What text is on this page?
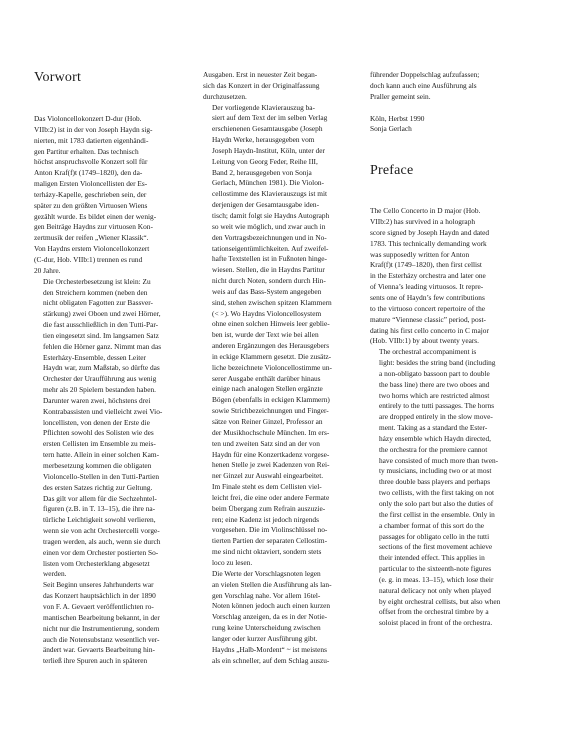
Vorwort

Das Violoncellokonzert D-dur (Hob.
VIIb:2) ist in der von Joseph Haydn sig-
nierten, mit 1783 datierten eigenhändi-
gen Partitur erhalten. Das technisch
höchst anspruchsvolle Konzert soll für
Anton Kraf(f)t (1749–1820), den da-
maligen Ersten Violoncellisten der Es-
terházy-Kapelle, geschrieben sein, der
später zu den größten Virtuosen Wiens
gezählt wurde. Es bildet einen der wenig-
gen Beiträge Haydns zur virtuosen Kon-
zertmusik der reifen „Wiener Klassik“.
Von Haydns erstem Violoncellokonzert
(C-dur, Hob. VIIb:1) trennen es rund
20 Jahre.

Die Orchesterbesetzung ist klein: Zu
den Streichern kommen (neben den
nicht obligaten Fagotten zur Bassver-
stärkung) zwei Oboen und zwei Hörner,
die fast ausschließlich in den Tutti-Par-
tien eingesetzt sind. Im langsamen Satz
fehlen die Hörner ganz. Nimmt man das
Esterházy-Ensemble, dessen Leiter
Haydn war, zum Maßstab, so dürfte das
Orchester der Uraufführung aus wenig
mehr als 20 Spielern bestanden haben.
Darunter waren zwei, höchstens drei
Kontrabassisten und vielleicht zwei Vio-
loncellisten, von denen der Erste die
Pflichten sowohl des Solisten wie des
ersten Cellisten im Ensemble zu meis-
tern hatte. Allein in einer solchen Kam-
merbesetzung kommen die obligaten
Violoncello-Stellen in den Tutti-Partien
des ersten Satzes richtig zur Geltung.
Das gilt vor allem für die Sechzehntel-
figuren (z.B. in T. 13–15), die ihre na-
türliche Leichtigkeit sowohl verlieren,
wenn sie von acht Orchestercelli vorge-
tragen werden, als auch, wenn sie durch
einen vor dem Orchester postierten So-
listen vom Orchesterklang abgesetzt
werden.

Seit Beginn unseres Jahrhunderts war
das Konzert hauptsächlich in der 1890
von F. A. Gevaert veröffentlichten ro-
mantischen Bearbeitung bekannt, in der
nicht nur die Instrumentierung, sondern
auch die Notensubstanz wesentlich ver-
ändert war. Gevaerts Bearbeitung hin-
terließ ihre Spuren auch in späteren

Ausgaben. Erst in neuester Zeit began-
sich das Konzert in der Originalfassung
durchzusetzen.

Der vorliegende Klavierauszug ba-
siert auf dem Text der im selben Verlag
erschienenen Gesamtausgabe (Joseph
Haydn Werke, herausgegeben vom
Joseph Haydn-Institut, Köln, unter der
Leitung von Georg Feder, Reihe III,
Band 2, herausgegeben von Sonja
Gerlach, München 1981). Die Violon-
cellostimme des Klavierauszugs ist mit
derjenigen der Gesamtausgabe iden-
tisch; damit folgt sie Haydns Autograph
so weit wie möglich, und zwar auch in
den Vortragsbezeichnungen und in No-
tationseigentümlichkeiten. Auf zweifel-
hafte Textstellen ist in Fußnoten hinge-
wiesen. Stellen, die in Haydns Partitur
nicht durch Noten, sondern durch Hin-
weis auf das Bass-System angegeben
sind, stehen zwischen spitzen Klammern
(< >). Wo Haydns Violoncellosystem
ohne einen solchen Hinweis leer geblie-
ben ist, wurde der Text wie bei allen
anderen Ergänzungen des Herausgebers
in eckige Klammern gesetzt. Die zusätz-
liche bezeichnete Violoncellostimme un-
serer Ausgabe enthält darüber hinaus
einige nach analogen Stellen ergänzte
Bögen (ebenfalls in eckigen Klammern)
sowie Strichbezeichnungen und Finger-
sätze von Reiner Ginzel, Professor an
der Musikhochschule München. Im ers-
ten und zweiten Satz sind an der von
Haydn für eine Konzertkadenz vorgese-
henen Stelle je zwei Kadenzen von Rei-
ner Ginzel zur Auswahl eingearbeitet.
Im Finale steht es dem Cellisten viel-
leicht frei, die eine oder andere Fermate
beim Übergang zum Refrain auszuzie-
ren; eine Kadenz ist jedoch nirgends
vorgesehen. Die im Violinschlüssel no-
tierten Partien der separaten Cellostim-
me sind nicht oktaviert, sondern stets
loco zu lesen.

Die Werte der Vorschlagsnoten legen
an vielen Stellen die Ausführung als lan-
gen Vorschlag nahe. Vor allem 16tel-
Noten können jedoch auch einen kurzen
Vorschlag anzeigen, da es in der Notie-
rung keine Unterscheidung zwischen
langer oder kurzer Ausführung gibt.
Haydns „Halb-Mordent“ ~ ist meistens
als ein schneller, auf dem Schlag auszu-

führender Doppelschlag aufzufassen;
doch kann auch eine Ausführung als
Praller gemeint sein.

Köln, Herbst 1990
Sonja Gerlach
Preface

The Cello Concerto in D major (Hob.
VIIb:2) has survived in a holograph
score signed by Joseph Haydn and dated
1783. This technically demanding work
was supposedly written for Anton
Kraf(f)t (1749–1820), then first cellist
in the Esterházy orchestra and later one
of Vienna’s leading virtuosos. It repre-
sents one of Haydn’s few contributions
to the virtuoso concert repertoire of the
mature “Viennese classic” period, post-
dating his first cello concerto in C major
(Hob. VIIb:1) by about twenty years.

The orchestral accompaniment is
light: besides the string band (including
a non-obligato bassoon part to double
the bass line) there are two oboes and
two horns which are restricted almost
entirely to the tutti passages. The horns
are dropped entirely in the slow move-
ment. Taking as a standard the Ester-
házy ensemble which Haydn directed,
the orchestra for the premiere cannot
have consisted of much more than twen-
ty musicians, including two or at most
three double bass players and perhaps
two cellists, with the first taking on not
only the solo part but also the duties of
the first cellist in the ensemble. Only in
a chamber format of this sort do the
passages for obligato cello in the tutti
sections of the first movement achieve
their intended effect. This applies in
particular to the sixteenth-note figures
(e. g. in meas. 13–15), which lose their
natural delicacy not only when played
by eight orchestral cellists, but also when
offset from the orchestral timbre by a
soloist placed in front of the orchestra.
